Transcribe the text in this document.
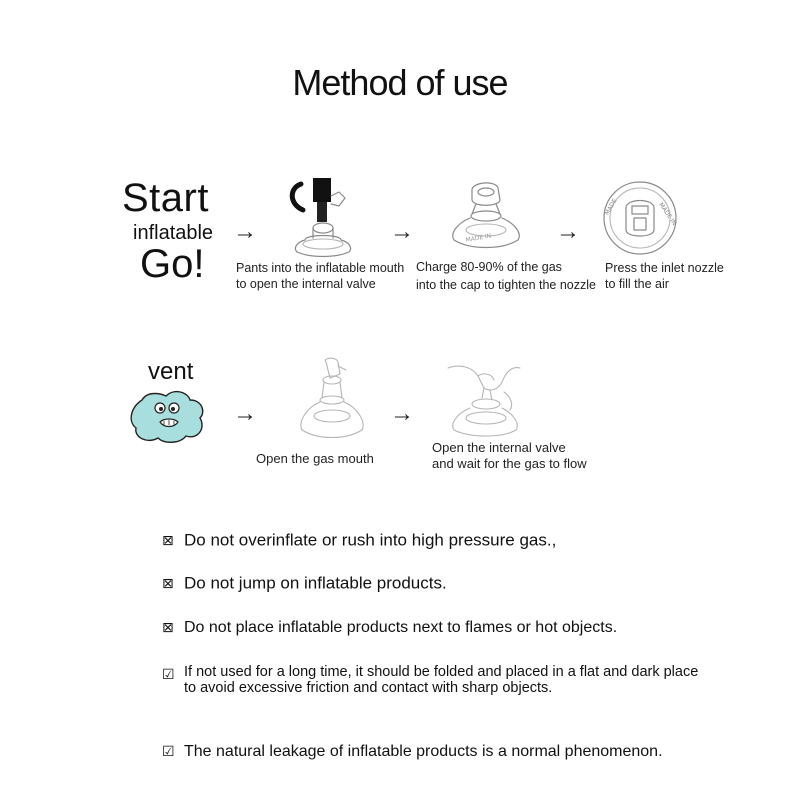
Method of use
Start
inflatable
Go!
→	→	→
MADE IN
MADE	MADE IN
Pants into the inflatable mouth
to open the internal valve
Charge 80-90% of the gas
into the cap to tighten the nozzle
Press the inlet nozzle
to fill the air
vent
→	→
Open the gas mouth
Open the internal valve
and wait for the gas to flow
⊠ Do not overinflate or rush into high pressure gas.,
⊠ Do not jump on inflatable products.
⊠ Do not place inflatable products next to flames or hot objects.
☑ If not used for a long time, it should be folded and placed in a flat and dark place
to avoid excessive friction and contact with sharp objects.
☑ The natural leakage of inflatable products is a normal phenomenon.
